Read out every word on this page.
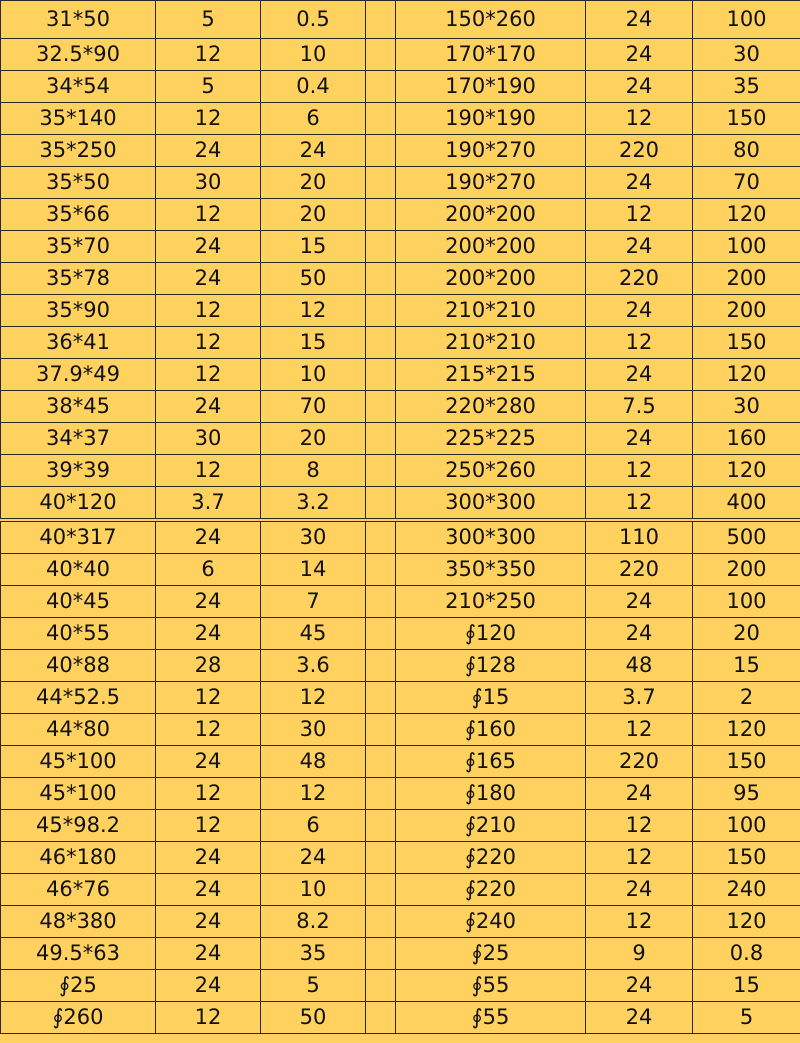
31*50	5	0.5		150*260	24	100
32.5*90	12	10		170*170	24	30
34*54	5	0.4		170*190	24	35
35*140	12	6		190*190	12	150
35*250	24	24		190*270	220	80
35*50	30	20		190*270	24	70
35*66	12	20		200*200	12	120
35*70	24	15		200*200	24	100
35*78	24	50		200*200	220	200
35*90	12	12		210*210	24	200
36*41	12	15		210*210	12	150
37.9*49	12	10		215*215	24	120
38*45	24	70		220*280	7.5	30
34*37	30	20		225*225	24	160
39*39	12	8		250*260	12	120
40*120	3.7	3.2		300*300	12	400
40*317	24	30		300*300	110	500
40*40	6	14		350*350	220	200
40*45	24	7		210*250	24	100
40*55	24	45		∮120	24	20
40*88	28	3.6		∮128	48	15
44*52.5	12	12		∮15	3.7	2
44*80	12	30		∮160	12	120
45*100	24	48		∮165	220	150
45*100	12	12		∮180	24	95
45*98.2	12	6		∮210	12	100
46*180	24	24		∮220	12	150
46*76	24	10		∮220	24	240
48*380	24	8.2		∮240	12	120
49.5*63	24	35		∮25	9	0.8
∮25	24	5		∮55	24	15
∮260	12	50		∮55	24	5
